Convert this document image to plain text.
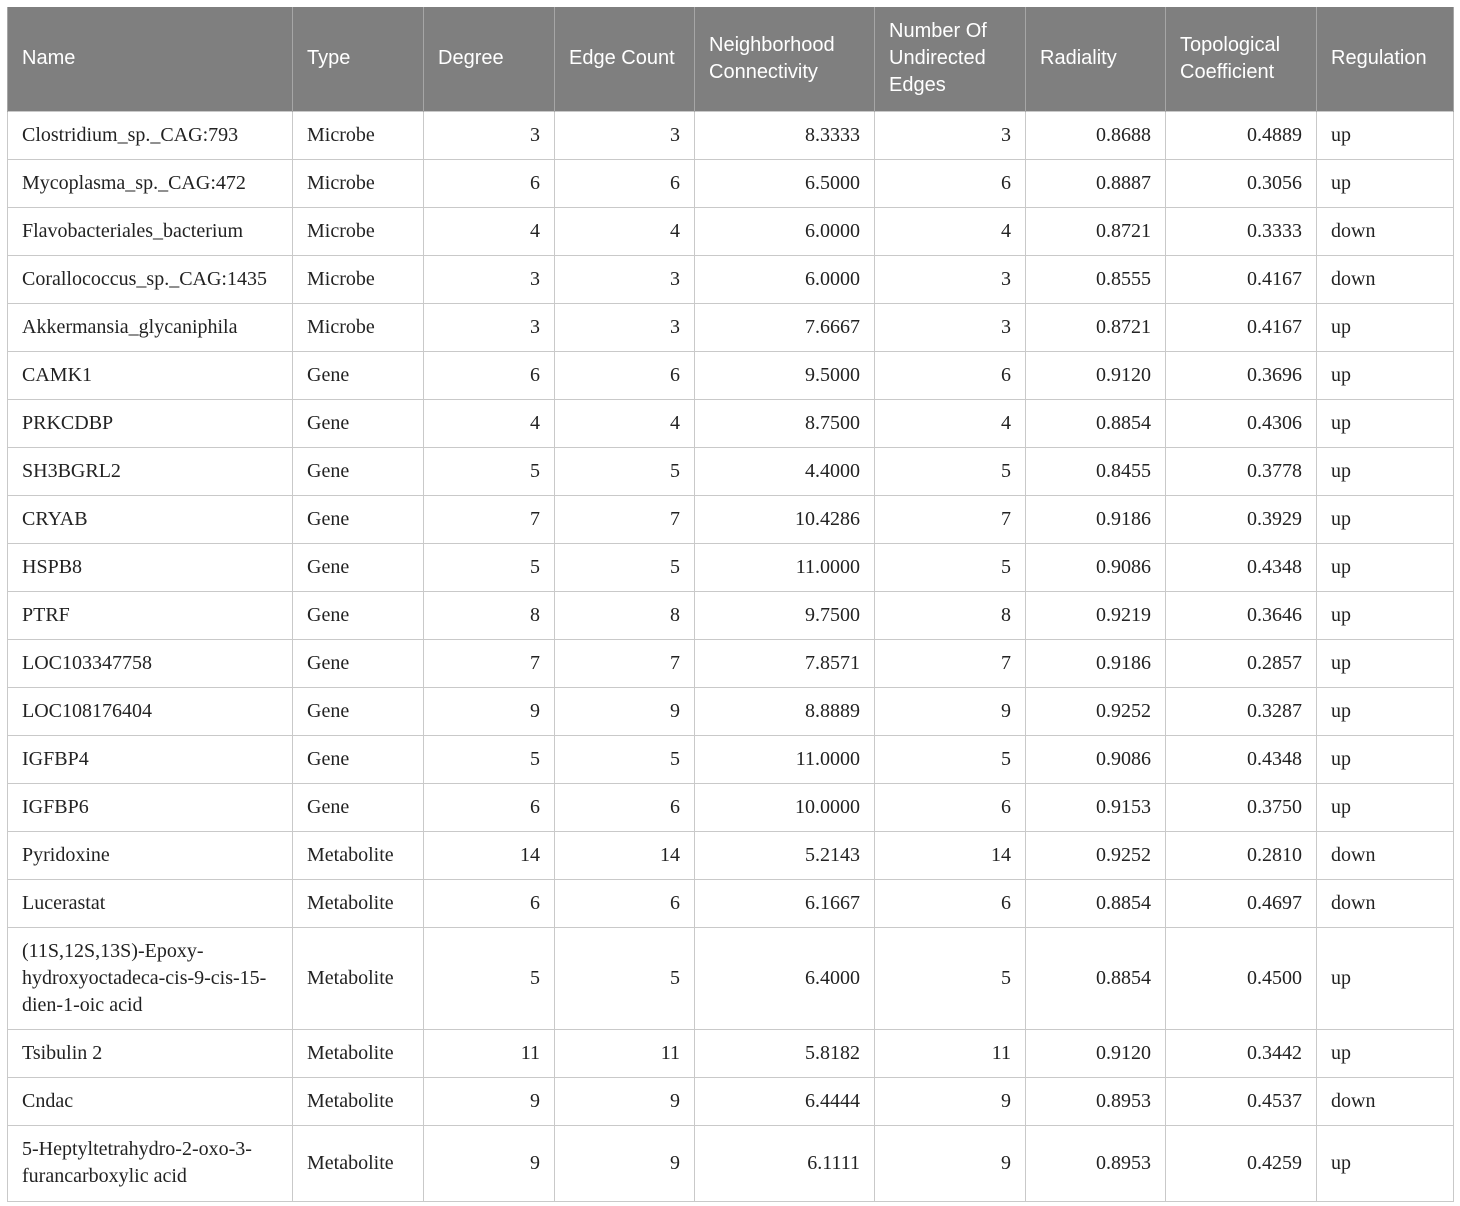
Name	Type	Degree	Edge Count	Neighborhood Connectivity	Number Of Undirected Edges	Radiality	Topological Coefficient	Regulation
Clostridium_sp._CAG:793	Microbe	3	3	8.3333	3	0.8688	0.4889	up
Mycoplasma_sp._CAG:472	Microbe	6	6	6.5000	6	0.8887	0.3056	up
Flavobacteriales_bacterium	Microbe	4	4	6.0000	4	0.8721	0.3333	down
Corallococcus_sp._CAG:1435	Microbe	3	3	6.0000	3	0.8555	0.4167	down
Akkermansia_glycaniphila	Microbe	3	3	7.6667	3	0.8721	0.4167	up
CAMK1	Gene	6	6	9.5000	6	0.9120	0.3696	up
PRKCDBP	Gene	4	4	8.7500	4	0.8854	0.4306	up
SH3BGRL2	Gene	5	5	4.4000	5	0.8455	0.3778	up
CRYAB	Gene	7	7	10.4286	7	0.9186	0.3929	up
HSPB8	Gene	5	5	11.0000	5	0.9086	0.4348	up
PTRF	Gene	8	8	9.7500	8	0.9219	0.3646	up
LOC103347758	Gene	7	7	7.8571	7	0.9186	0.2857	up
LOC108176404	Gene	9	9	8.8889	9	0.9252	0.3287	up
IGFBP4	Gene	5	5	11.0000	5	0.9086	0.4348	up
IGFBP6	Gene	6	6	10.0000	6	0.9153	0.3750	up
Pyridoxine	Metabolite	14	14	5.2143	14	0.9252	0.2810	down
Lucerastat	Metabolite	6	6	6.1667	6	0.8854	0.4697	down
(11S,12S,13S)-Epoxy-hydroxyoctadeca-cis-9-cis-15-dien-1-oic acid	Metabolite	5	5	6.4000	5	0.8854	0.4500	up
Tsibulin 2	Metabolite	11	11	5.8182	11	0.9120	0.3442	up
Cndac	Metabolite	9	9	6.4444	9	0.8953	0.4537	down
5-Heptyltetrahydro-2-oxo-3-furancarboxylic acid	Metabolite	9	9	6.1111	9	0.8953	0.4259	up
